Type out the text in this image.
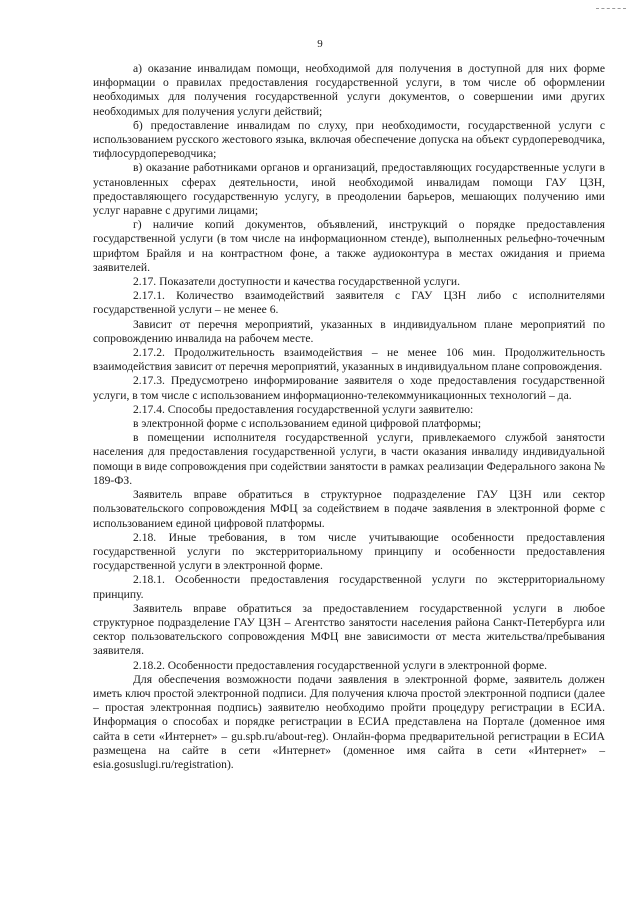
9

а) оказание инвалидам помощи, необходимой для получения в доступной для них форме информации о правилах предоставления государственной услуги, в том числе об оформлении необходимых для получения государственной услуги документов, о совершении ими других необходимых для получения услуги действий;

б) предоставление инвалидам по слуху, при необходимости, государственной услуги с использованием русского жестового языка, включая обеспечение допуска на объект сурдопереводчика, тифлосурдопереводчика;

в) оказание работниками органов и организаций, предоставляющих государственные услуги в установленных сферах деятельности, иной необходимой инвалидам помощи ГАУ ЦЗН, предоставляющего государственную услугу, в преодолении барьеров, мешающих получению ими услуг наравне с другими лицами;

г) наличие копий документов, объявлений, инструкций о порядке предоставления государственной услуги (в том числе на информационном стенде), выполненных рельефно-точечным шрифтом Брайля и на контрастном фоне, а также аудиоконтура в местах ожидания и приема заявителей.

2.17. Показатели доступности и качества государственной услуги.

2.17.1. Количество взаимодействий заявителя с ГАУ ЦЗН либо с исполнителями государственной услуги – не менее 6.

Зависит от перечня мероприятий, указанных в индивидуальном плане мероприятий по сопровождению инвалида на рабочем месте.

2.17.2. Продолжительность взаимодействия – не менее 106 мин. Продолжительность взаимодействия зависит от перечня мероприятий, указанных в индивидуальном плане сопровождения.

2.17.3. Предусмотрено информирование заявителя о ходе предоставления государственной услуги, в том числе с использованием информационно-телекоммуникационных технологий – да.

2.17.4. Способы предоставления государственной услуги заявителю:

в электронной форме с использованием единой цифровой платформы;

в помещении исполнителя государственной услуги, привлекаемого службой занятости населения для предоставления государственной услуги, в части оказания инвалиду индивидуальной помощи в виде сопровождения при содействии занятости в рамках реализации Федерального закона № 189-ФЗ.

Заявитель вправе обратиться в структурное подразделение ГАУ ЦЗН или сектор пользовательского сопровождения МФЦ за содействием в подаче заявления в электронной форме с использованием единой цифровой платформы.

2.18. Иные требования, в том числе учитывающие особенности предоставления государственной услуги по экстерриториальному принципу и особенности предоставления государственной услуги в электронной форме.

2.18.1. Особенности предоставления государственной услуги по экстерриториальному принципу.

Заявитель вправе обратиться за предоставлением государственной услуги в любое структурное подразделение ГАУ ЦЗН – Агентство занятости населения района Санкт-Петербурга или сектор пользовательского сопровождения МФЦ вне зависимости от места жительства/пребывания заявителя.

2.18.2. Особенности предоставления государственной услуги в электронной форме.

Для обеспечения возможности подачи заявления в электронной форме, заявитель должен иметь ключ простой электронной подписи. Для получения ключа простой электронной подписи (далее – простая электронная подпись) заявителю необходимо пройти процедуру регистрации в ЕСИА. Информация о способах и порядке регистрации в ЕСИА представлена на Портале (доменное имя сайта в сети «Интернет» – gu.spb.ru/about-reg). Онлайн-форма предварительной регистрации в ЕСИА размещена на сайте в сети «Интернет» (доменное имя сайта в сети «Интернет» – esia.gosuslugi.ru/registration).
